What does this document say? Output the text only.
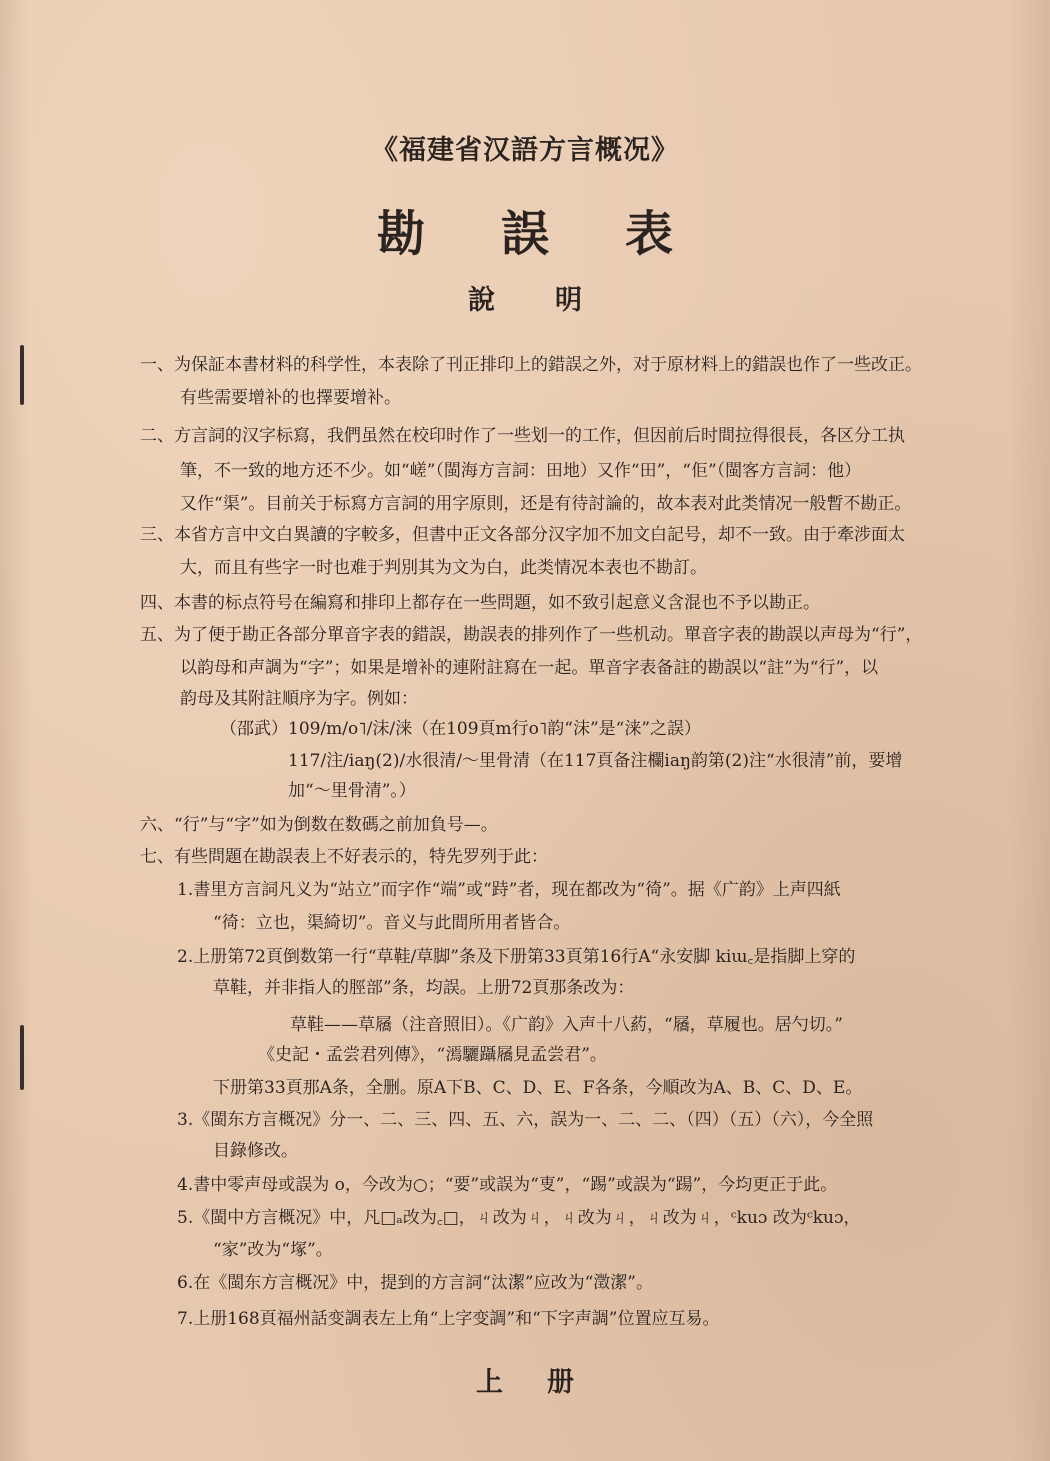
《福建省汉語方言概况》
勘 誤 表
說 明
一、为保証本書材料的科学性，本表除了刊正排印上的錯誤之外，对于原材料上的錯誤也作了一些改正。
有些需要增补的也擇要增补。
二、方言詞的汉字标寫，我們虽然在校印时作了一些划一的工作，但因前后时間拉得很長，各区分工执
筆，不一致的地方还不少。如“嵯”（閩海方言詞：田地）又作“田”，“佢”（閩客方言詞：他）
又作“渠”。目前关于标寫方言詞的用字原則，还是有待討論的，故本表对此类情况一般暫不勘正。
三、本省方言中文白異讀的字較多，但書中正文各部分汉字加不加文白記号，却不一致。由于牽涉面太
大，而且有些字一时也难于判別其为文为白，此类情况本表也不勘訂。
四、本書的标点符号在編寫和排印上都存在一些問題，如不致引起意义含混也不予以勘正。
五、为了便于勘正各部分單音字表的錯誤，勘誤表的排列作了一些机动。單音字表的勘誤以声母为“行”，
以韵母和声調为“字”；如果是增补的連附註寫在一起。單音字表备註的勘誤以“註”为“行”，以
韵母及其附註順序为字。例如：
（邵武）109/m/o˥/沫/涞（在109頁m行o˥韵“沫”是“涞”之誤）
117/注/iaŋ(2)/水很清/～里骨清（在117頁备注欄iaŋ韵第(2)注“水很清”前，要增
加“～里骨清”。）
六、“行”与“字”如为倒数在数碼之前加負号—。
七、有些問題在勘誤表上不好表示的，特先罗列于此：
1.書里方言詞凡义为“站立”而字作“端”或“跱”者，现在都改为“徛”。据《广韵》上声四紙
“徛：立也，渠綺切”。音义与此間所用者皆合。
2.上册第72頁倒数第一行“草鞋/草脚”条及下册第33頁第16行A“永安脚 kiɯ꜀是指脚上穿的
草鞋，并非指人的脛部”条，均誤。上册72頁那条改为：
草鞋——草屩（注音照旧）。《广韵》入声十八葯，“屩，草履也。居勺切。”
《史記・孟尝君列傳》，“漹驪躡屩見孟尝君”。
下册第33頁那A条，全删。原A下B、C、D、E、F各条，今順改为A、B、C、D、E。
3.《閩东方言概况》分一、二、三、四、五、六，誤为一、二、二、（四）（五）（六），今全照
目錄修改。
4.書中零声母或誤为 o，今改为○；“要”或誤为“叓”，“踢”或誤为“踼”，今均更正于此。
5.《閩中方言概况》中，凡□ₐ改为꜀□，ㄐ改为ㄐ，ㄐ改为ㄐ，ㄐ改为ㄐ，ᶜkuɔ 改为ᶜkuɔ，
“家”改为“塚”。
6.在《閩东方言概况》中，提到的方言詞“汰潔”应改为“澂潔”。
7.上册168頁福州話变調表左上角“上字变調”和“下字声調”位置应互易。
上 册
